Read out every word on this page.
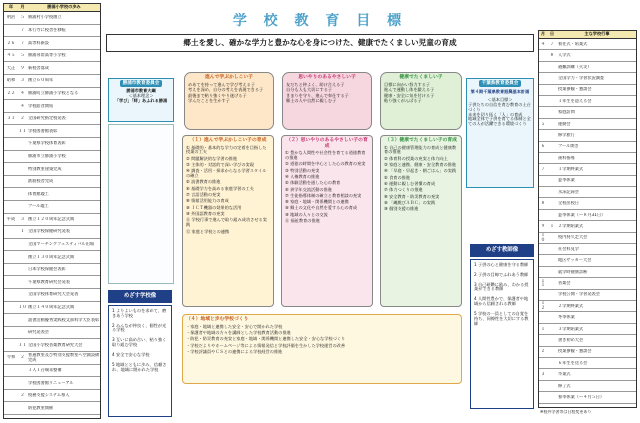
学 校 教 育 目 標
郷土を愛し、確かな学力と豊かな心を身につけた、健康でたくましい児童の育成
年	月	勝浦小学校の歩み
明治	５ 勝浦村小学校創立
７ 本行寺に校舎を移転
２６	７ 高等科新設
４５	５ 勝浦尋常高等小学校
大正	９ 新校舎落成
昭和	３ 創立６０周年
２２	４ 勝浦町立勝浦小学校となる
４ 学校給食開始
３１	２ 全国研究指定校発表
１１ 学校図書館表彰
千葉県学校体育表彰
勝浦市立勝浦小学校
特別教室建築完成
鉄筋校舎完成
体育館竣工
プール竣工
平成	３ 創立１２０周年記念式典
１ 全国学校保健研究発表
全国マーチングフェスティバル出場
創立１３０周年記念式典
日本学校保健会表彰
千葉県教育研究会発表
全国学校体育研究大会発表
１０ 創立１４０周年記念式典
読書活動優秀実践校文部科学大臣表彰
研究発表会
１１ 全国小学校音楽教育研究大会
令和	２ 普通教室及び特別支援教室へ空調設備完成
１人１台端末整備
学校図書館リニューアル
２ 校務支援システム導入
防犯教室開催
月	日	主な学校行事
４	７ 着任式・始業式
８ 入学式
避難訓練（火災）
全国学力・学習状況調査
授業参観・懇談会
１年生を迎える会
家庭訪問
５	運動会
修学旅行
６	プール開き
歯科指導
７	１学期終業式
夏季休業
水泳記録会
８	全校出校日
夏季休業（～８月31日）
９	１ ２学期始業式
１０	校内持久走大会
社会科見学
地区サッカー大会
就学時健康診断
１１	音楽会
学校公開・学習発表会
１２	２学期終業式
冬季休業
１	３学期始業式
書き初め大会
２	授業参観・懇談会
６年生を送る会
３	卒業式
修了式
春季休業（～４月５日）
※校外学習等は日程変更あり
勝浦市教育委員会
勝浦市教育大綱
＜基本理念＞
「学び」「絆」あふれる勝浦
千葉県教育委員会
第４期千葉県教育振興基本計画
＜基本目標＞
子供たちの自信を育む教育の土台づくり
未来を切り拓く「人」の育成
地域全体で子供を育てる体制と全ての人が活躍できる環境づくり
進んで学ぶかしこい子
めあてを持って進んで学び考える子
考えを深め、自分の考えを表現できる子
最後まで粘り強くやり遂げる子
学んだことを生かす子
思いやりのあるやさしい子
友だちと仲よく、助け合える子
自分も人も大切にする子
きまりを守り、進んで奉仕する子
郷土の人や自然に親しむ子
健康でたくましい子
目標に向かい努力する子
進んで運動し体を鍛える子
健康・安全に気を付ける子
粘り強くがんばる子
（１）進んで学ぶかしこい子の育成
① 基礎的・基本的な学力の定着を目指した授業の工夫
② 問題解決的な学習の推進
③ 主体的・対話的で深い学びの実現
④ 調査・活用・探求からなる学習スタイルの確立
⑤ 読書教育の推進
⑥ 基礎学力を高める家庭学習の工夫
⑦ 言語活動の充実
⑧ 情報活用能力の育成
⑨ ＩＣＴ機器の効果的な活用
⑩ 外国語教育の充実
⑪ 学校行事で進んで取り組み成功させる実践
⑫ 家庭と学校との連携
（２）思いやりのあるやさしい子の育成
① 豊かな人間性や社会性を育てる道徳教育の推進
② 道徳の時間を中心とした心の教育の充実
③ 特別活動の充実
④ 人権教育の推進
⑤ 体験活動を通した心の教育
⑥ 異学年交流活動の推進
⑦ 生徒指導体制の確立と教育相談の充実
⑧ 家庭・地域・関係機関との連携
⑨ 郷土の文化や自然を愛する心の育成
⑩ 地域の人々との交流
⑪ 福祉教育の推進
（３）健康でたくましい子の育成
① 自己の健康管理能力の育成と健康教育の推進
② 体育科の授業の充実と体力向上
③ 家庭と連携、健康・安全教育の推進
④ 「早寝・早起き・朝ごはん」の実践
⑤ 食育の推進
⑥ 運動に親しむ習慣の育成
⑦ 体力つくりの推進
⑧ 安全教育・防災教育の充実
⑨ 「縄跳びＡＢＣ」の実践
⑩ 個別支援の推進
（４）地域と歩む学校づくり
・家庭・地域と連携した安全・安心で開かれた学校
・保護者や地域の方々を講師とした学校教育活動の推進
・防犯・防災教育の充実と家庭・地域・関係機関と連携した安全・安心な学校づくり
・学校だよりやホームページ等による情報発信と学校評価を生かした学校運営の改善
・学校評議員やＣＳとの連携による学校経営の推進
めざす学校像
1 よりよいものを求めて、磨きあう学校
2 みんなが仲良く、個性が光る学校
3 互いに高め合い、粘り強く取り組む学校
4 安全で安心な学校
5 地域とともに歩み、信頼され、地域に開かれた学校
めざす教師像
1 子供の心と健康を守る教師
2 子供の目線でふれあう教師
3 自己研鑽に励み、わかる授業ができる教師
4 人間性豊かで、保護者や地域から信頼される教師
5 学校の一員としての自覚を持ち、同僚性を大切にする教師
